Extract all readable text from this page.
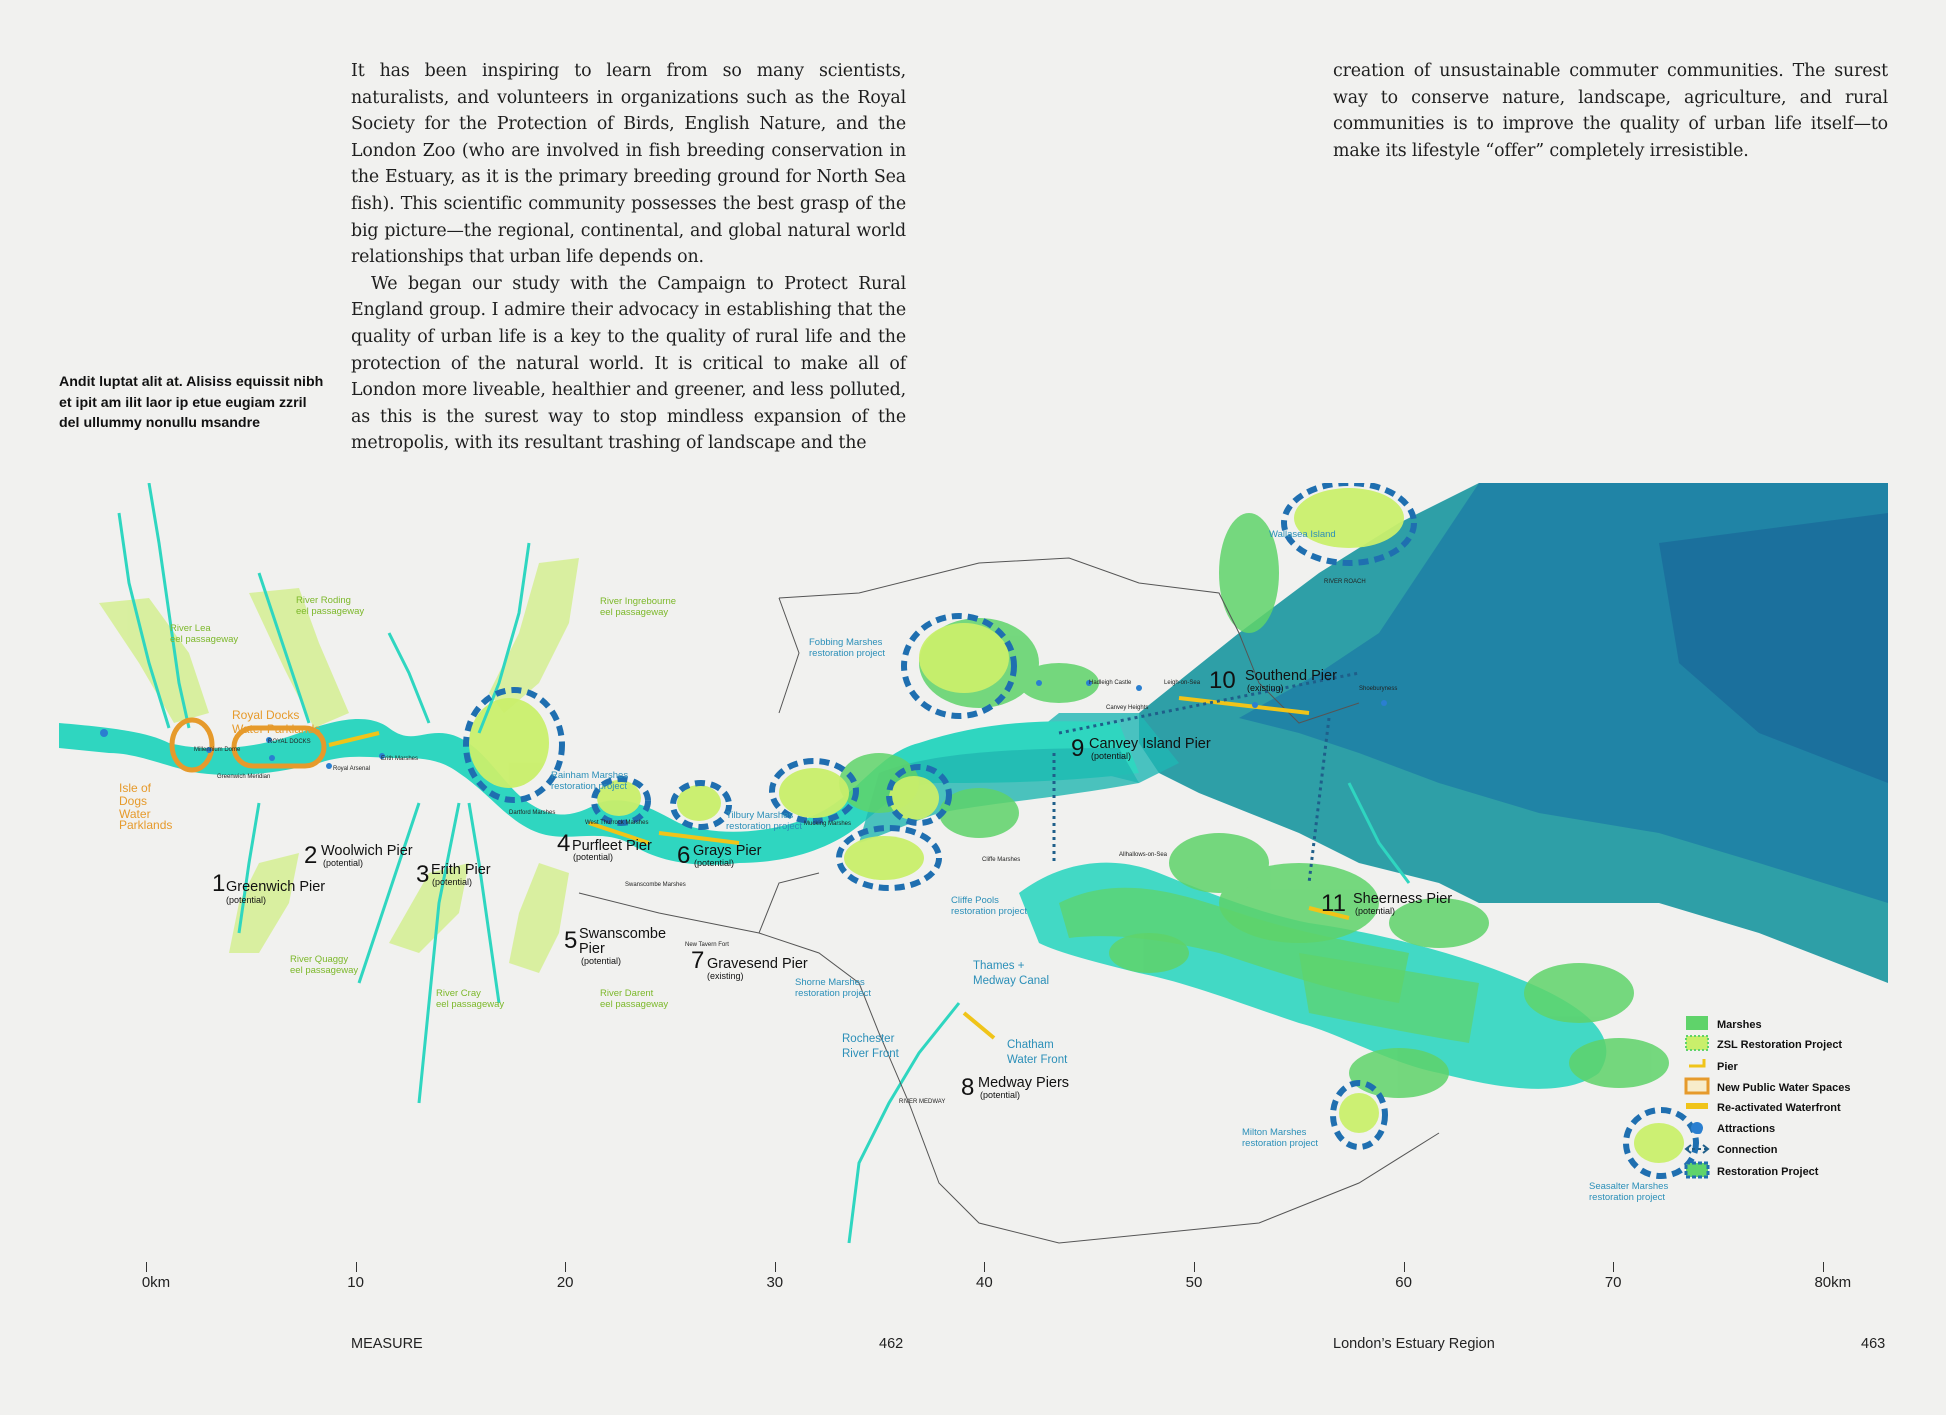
It has been inspiring to learn from so many scientists, naturalists, and volunteers in organizations such as the Royal Society for the Protection of Birds, English Nature, and the London Zoo (who are involved in fish breeding conservation in the Estuary, as it is the primary breeding ground for North Sea fish). This scientific community possesses the best grasp of the big picture—the regional, continental, and global natural world relationships that urban life depends on.

We began our study with the Campaign to Protect Rural England group. I admire their advocacy in establishing that the quality of urban life is a key to the quality of rural life and the protection of the natural world. It is critical to make all of London more liveable, healthier and greener, and less polluted, as this is the surest way to stop mindless expansion of the metropolis, with its resultant trashing of landscape and the

creation of unsustainable commuter communities. The surest way to conserve nature, landscape, agriculture, and rural communities is to improve the quality of urban life itself—to make its lifestyle “offer” completely irresistible.

Andit luptat alit at. Alisiss equissit nibh et ipit am ilit laor ip etue eugiam zzril del ullummy nonullu msandre
1 Greenwich Pier
(potential)
2 Woolwich Pier
(potential) 3 Erith Pier
(potential)
4 Purfleet Pier
(potential)
5 Swanscombe
Pier
(potential)
6 Grays Pier
(potential)
7 Gravesend Pier
(existing)
8 Medway Piers
(potential)
9 Canvey Island Pier
(potential)
10 Southend Pier
(existing)
11 Sheerness Pier
(potential)
Rainham Marshes
restoration project
Fobbing Marshes
restoration project
Tilbury Marshes
restoration project
Cliffe Pools
restoration project
Shorne Marshes
restoration project
Milton Marshes
restoration project
Seasalter Marshes
restoration project
River Roding
eel passageway
River Lea
eel passageway
River Ingrebourne
eel passageway
River Quaggy
eel passageway
River Cray
eel passageway
River Darent
eel passageway
Wallasea Island
Thames +
Medway Canal
Rochester
River Front
Chatham
Water Front
Royal Docks
Water Parklands
Parklands
Isle of
Dogs
Water
ROYAL DOCKS
Millennium Dome
Greenwich Meridian
Royal Arsenal
Erith Marshes
Dartford Marshes
West Thurrock Marshes
Swanscombe Marshes
New Tavern Fort
Mucking Marshes
Cliffe Marshes
Allhallows-on-Sea
Hadleigh Castle	Leigh-on-Sea
Canvey Heights
Shoeburyness
RIVER ROACH
RIVER MEDWAY
Marshes
ZSL Restoration Project
Pier
New Public Water Spaces
Re-activated Waterfront
Attractions
Connection
Restoration Project
0km	10	20	30	40	50	60	70	80km
MEASURE	462	London’s Estuary Region	463
